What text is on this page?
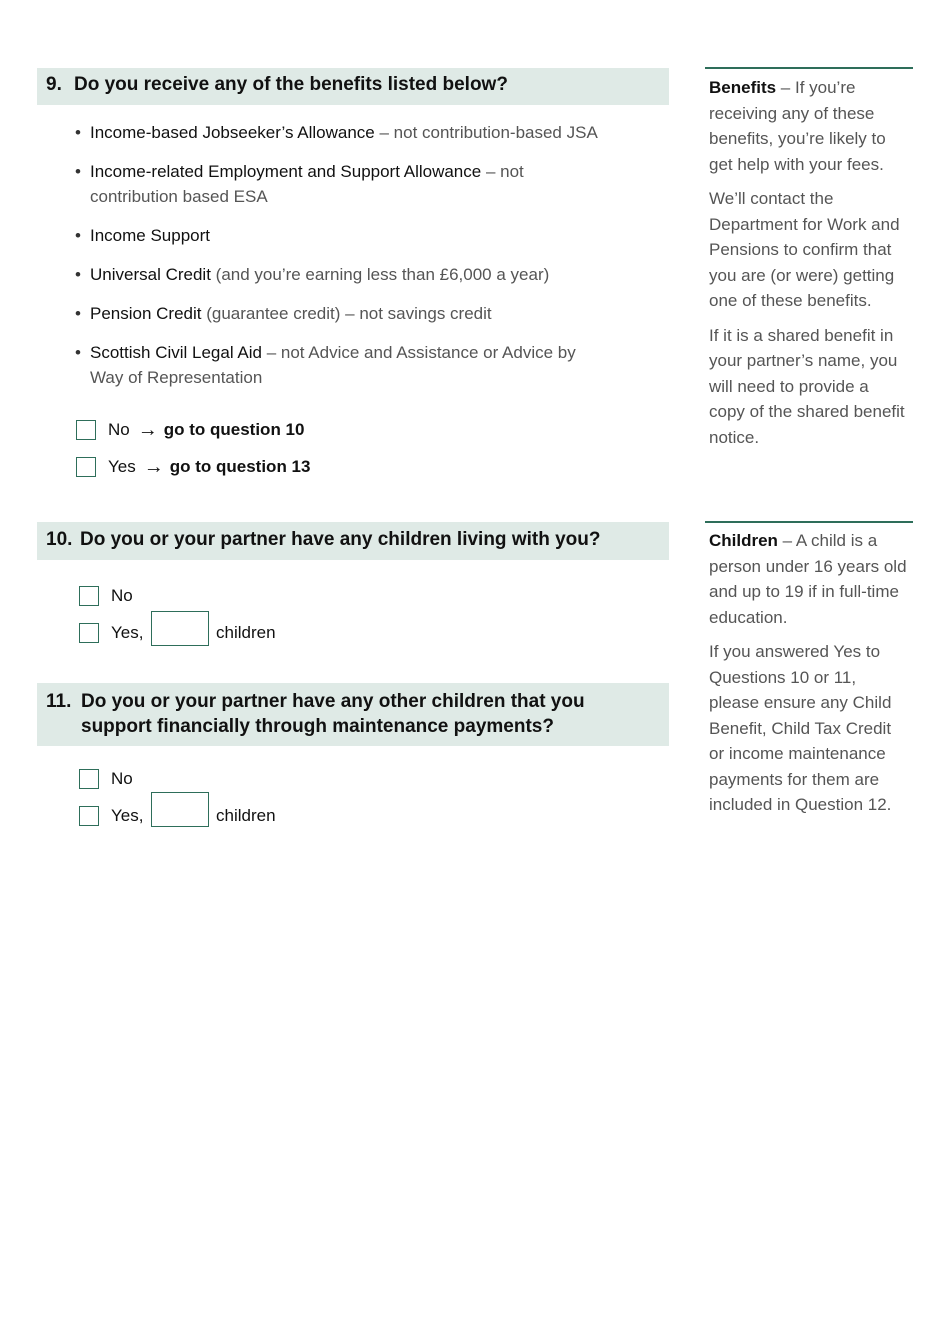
9. Do you receive any of the benefits listed below?
• Income-based Jobseeker’s Allowance – not contribution-based JSA
• Income-related Employment and Support Allowance – not contribution based ESA
• Income Support
• Universal Credit (and you’re earning less than £6,000 a year)
• Pension Credit (guarantee credit) – not savings credit
• Scottish Civil Legal Aid – not Advice and Assistance or Advice by Way of Representation
No → go to question 10
Yes → go to question 13
10. Do you or your partner have any children living with you?
No
Yes,	children
11. Do you or your partner have any other children that you
support financially through maintenance payments?
No
Yes,	children

Benefits – If you’re receiving any of these benefits, you’re likely to get help with your fees.

We’ll contact the Department for Work and Pensions to confirm that you are (or were) getting one of these benefits.

If it is a shared benefit in your partner’s name, you will need to provide a copy of the shared benefit notice.

Children – A child is a person under 16 years old and up to 19 if in full-time education.

If you answered Yes to Questions 10 or 11, please ensure any Child Benefit, Child Tax Credit or income maintenance payments for them are included in Question 12.
